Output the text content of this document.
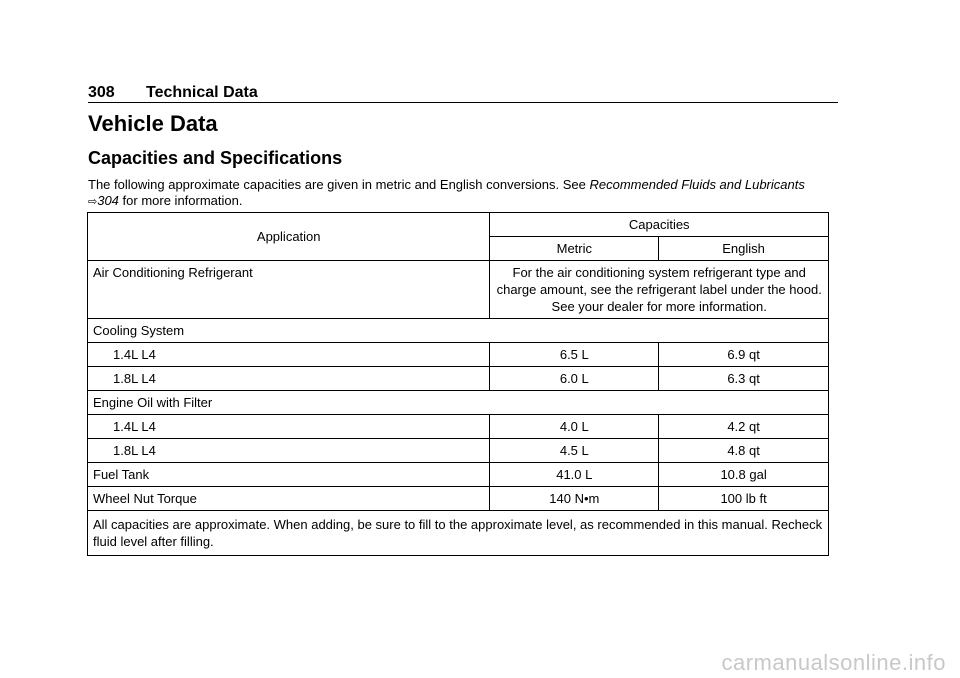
308 Technical Data
Vehicle Data
Capacities and Specifications
The following approximate capacities are given in metric and English conversions. See Recommended Fluids and Lubricants ⇨304 for more information.
Application	Capacities	
	Metric	English
Air Conditioning Refrigerant	For the air conditioning system refrigerant type and charge amount, see the refrigerant label under the hood. See your dealer for more information.	
Cooling System		
1.4L L4	6.5 L	6.9 qt
1.8L L4	6.0 L	6.3 qt
Engine Oil with Filter		
1.4L L4	4.0 L	4.2 qt
1.8L L4	4.5 L	4.8 qt
Fuel Tank	41.0 L	10.8 gal
Wheel Nut Torque	140 N•m	100 lb ft
All capacities are approximate. When adding, be sure to fill to the approximate level, as recommended in this manual. Recheck fluid level after filling.		
carmanualsonline.info
